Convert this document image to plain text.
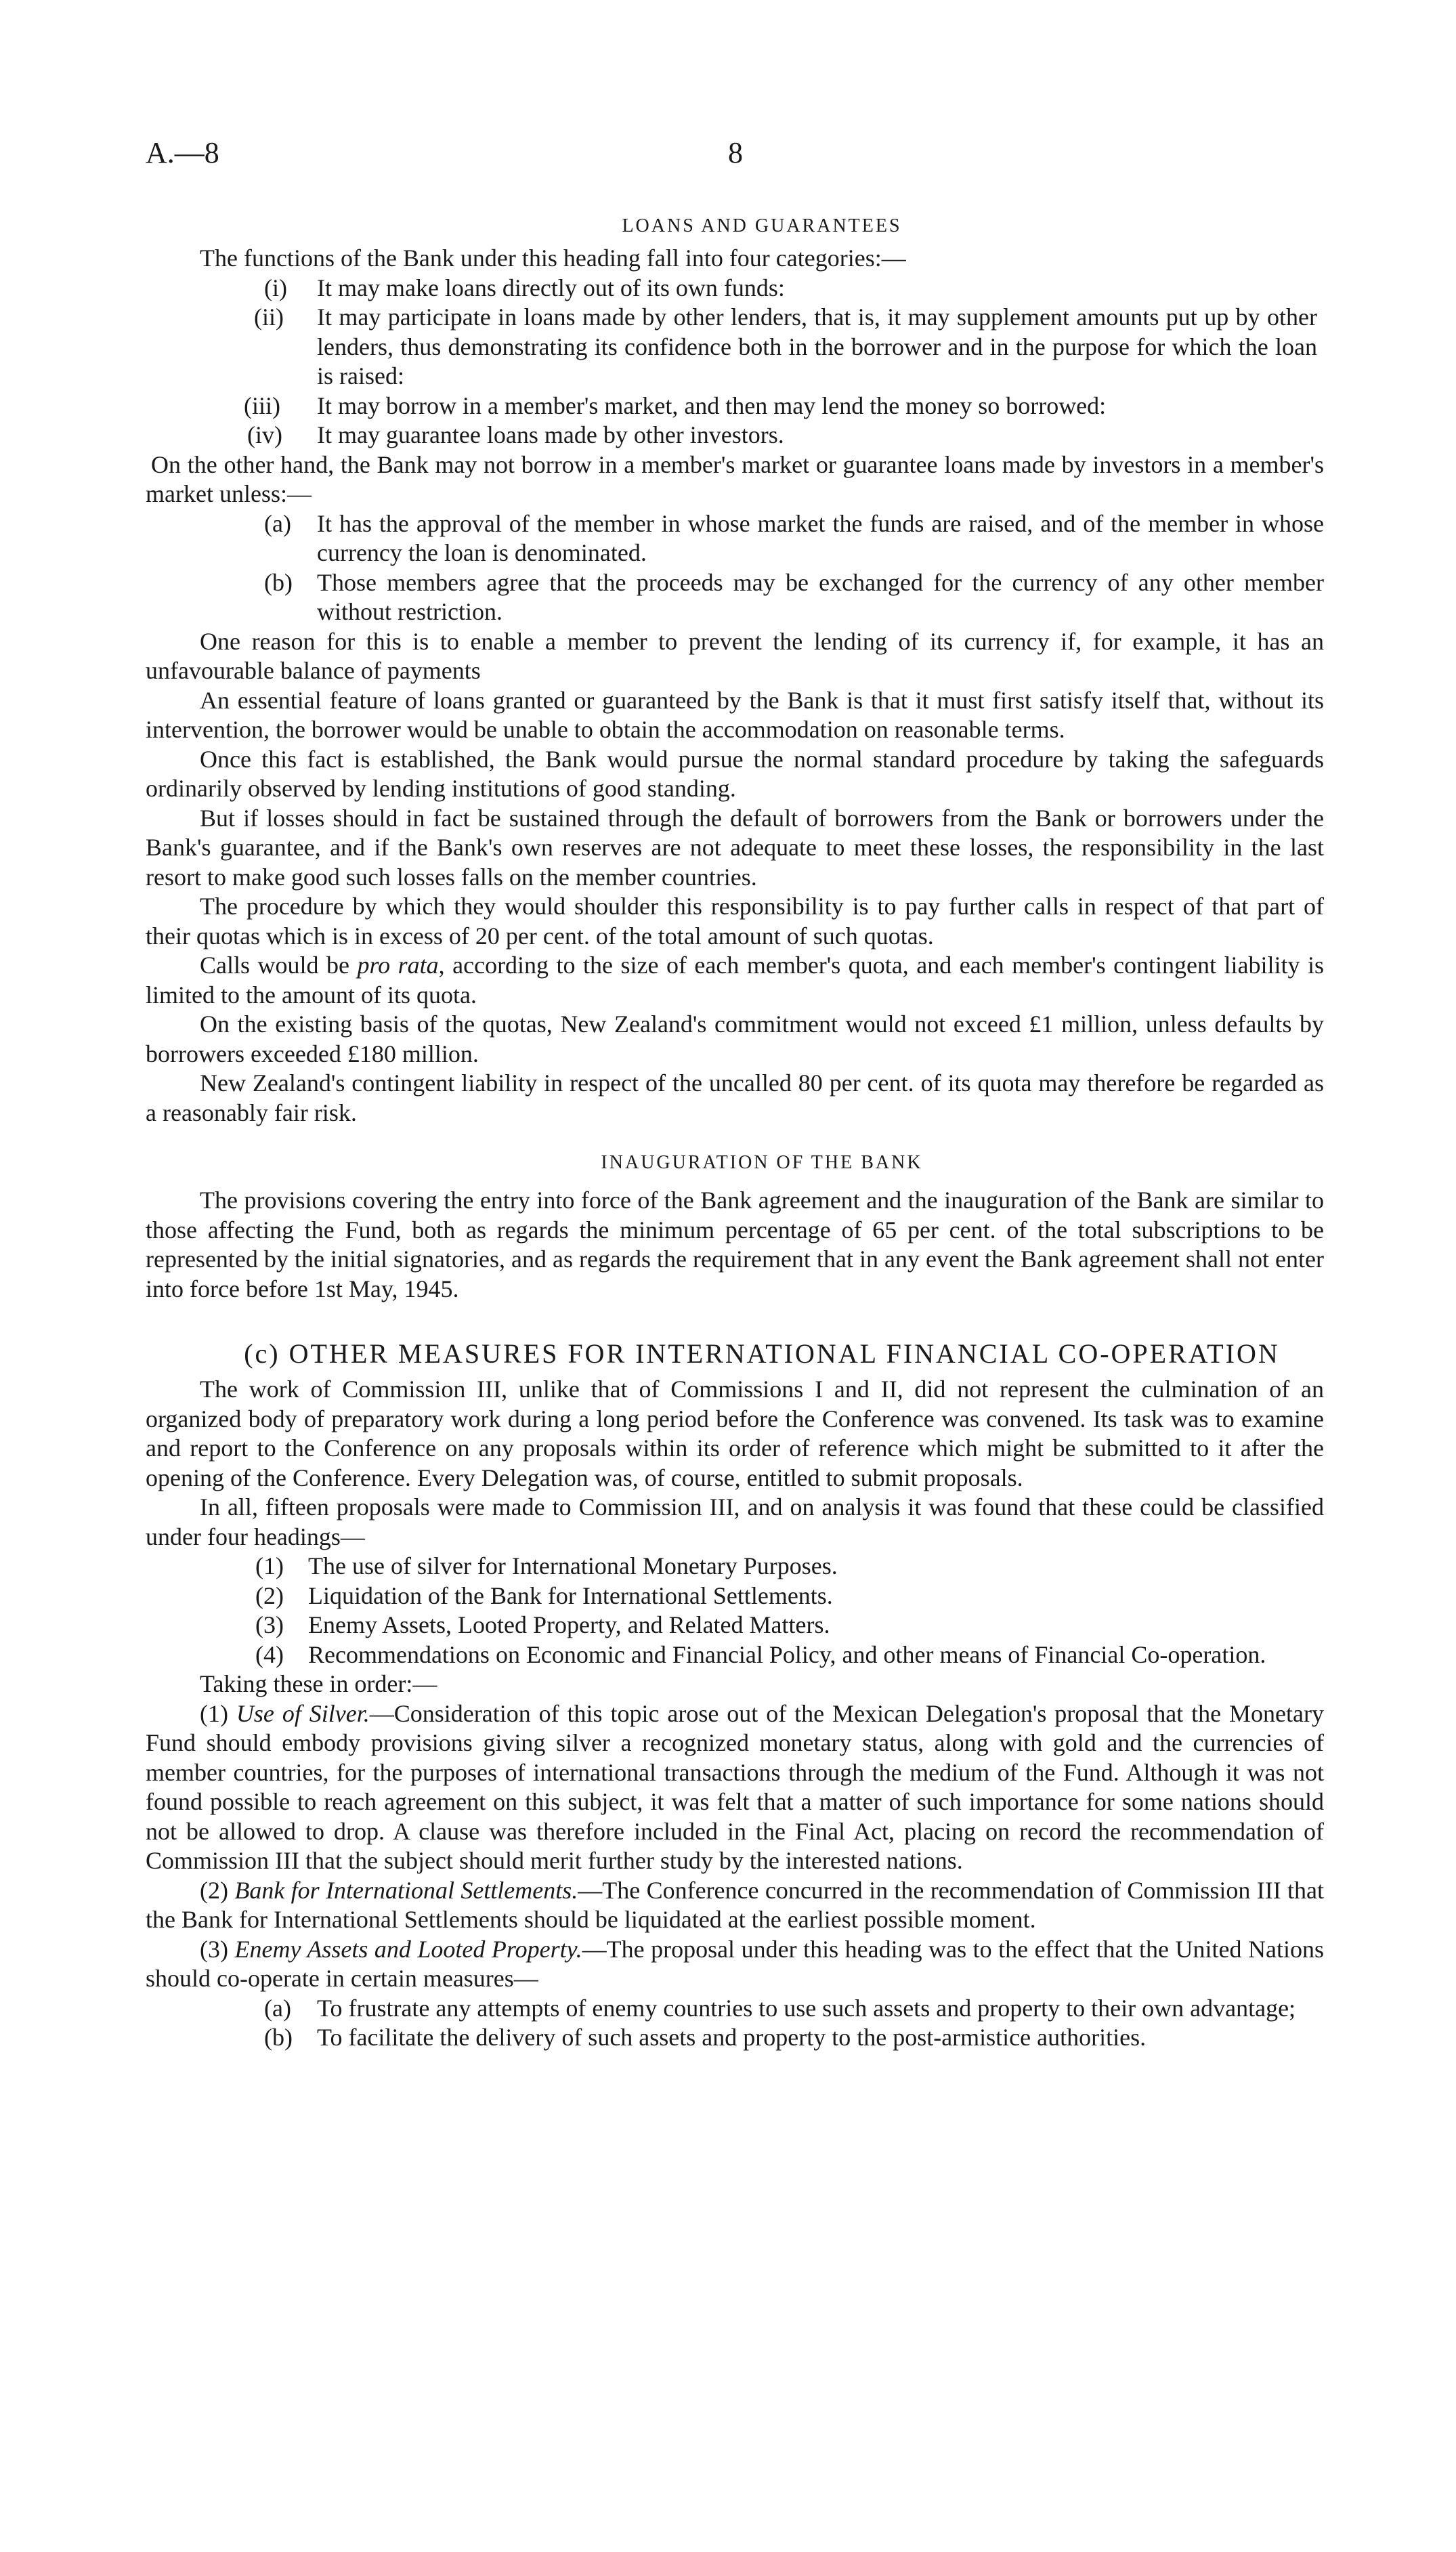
A.—8	8

LOANS AND GUARANTEES

The functions of the Bank under this heading fall into four categories:—

(i)	It may make loans directly out of its own funds:
(ii)	It may participate in loans made by other lenders, that is, it may supplement amounts put up by other lenders, thus demonstrating its confidence both in the borrower and in the purpose for which the loan is raised:
(iii)	It may borrow in a member's market, and then may lend the money so borrowed:
(iv)	It may guarantee loans made by other investors.

On the other hand, the Bank may not borrow in a member's market or guarantee loans made by investors in a member's market unless:—

(a)	It has the approval of the member in whose market the funds are raised, and of the member in whose currency the loan is denominated.
(b)	Those members agree that the proceeds may be exchanged for the currency of any other member without restriction.

One reason for this is to enable a member to prevent the lending of its currency if, for example, it has an unfavourable balance of payments

An essential feature of loans granted or guaranteed by the Bank is that it must first satisfy itself that, without its intervention, the borrower would be unable to obtain the accommodation on reasonable terms.

Once this fact is established, the Bank would pursue the normal standard procedure by taking the safeguards ordinarily observed by lending institutions of good standing.

But if losses should in fact be sustained through the default of borrowers from the Bank or borrowers under the Bank's guarantee, and if the Bank's own reserves are not adequate to meet these losses, the responsibility in the last resort to make good such losses falls on the member countries.

The procedure by which they would shoulder this responsibility is to pay further calls in respect of that part of their quotas which is in excess of 20 per cent. of the total amount of such quotas.

Calls would be pro rata, according to the size of each member's quota, and each member's contingent liability is limited to the amount of its quota.

On the existing basis of the quotas, New Zealand's commitment would not exceed £1 million, unless defaults by borrowers exceeded £180 million.

New Zealand's contingent liability in respect of the uncalled 80 per cent. of its quota may therefore be regarded as a reasonably fair risk.

INAUGURATION OF THE BANK

The provisions covering the entry into force of the Bank agreement and the inauguration of the Bank are similar to those affecting the Fund, both as regards the minimum percentage of 65 per cent. of the total subscriptions to be represented by the initial signatories, and as regards the requirement that in any event the Bank agreement shall not enter into force before 1st May, 1945.

(c) OTHER MEASURES FOR INTERNATIONAL FINANCIAL CO-OPERATION

The work of Commission III, unlike that of Commissions I and II, did not represent the culmination of an organized body of preparatory work during a long period before the Conference was convened. Its task was to examine and report to the Conference on any proposals within its order of reference which might be submitted to it after the opening of the Conference. Every Delegation was, of course, entitled to submit proposals.

In all, fifteen proposals were made to Commission III, and on analysis it was found that these could be classified under four headings—

(1)	The use of silver for International Monetary Purposes.
(2)	Liquidation of the Bank for International Settlements.
(3)	Enemy Assets, Looted Property, and Related Matters.
(4)	Recommendations on Economic and Financial Policy, and other means of Financial Co-operation.

Taking these in order:—

(1) Use of Silver.—Consideration of this topic arose out of the Mexican Delegation's proposal that the Monetary Fund should embody provisions giving silver a recognized monetary status, along with gold and the currencies of member countries, for the purposes of international transactions through the medium of the Fund. Although it was not found possible to reach agreement on this subject, it was felt that a matter of such importance for some nations should not be allowed to drop. A clause was therefore included in the Final Act, placing on record the recommendation of Commission III that the subject should merit further study by the interested nations.

(2) Bank for International Settlements.—The Conference concurred in the recommendation of Commission III that the Bank for International Settlements should be liquidated at the earliest possible moment.

(3) Enemy Assets and Looted Property.—The proposal under this heading was to the effect that the United Nations should co-operate in certain measures—

(a)	To frustrate any attempts of enemy countries to use such assets and property to their own advantage;
(b)	To facilitate the delivery of such assets and property to the post-armistice authorities.
